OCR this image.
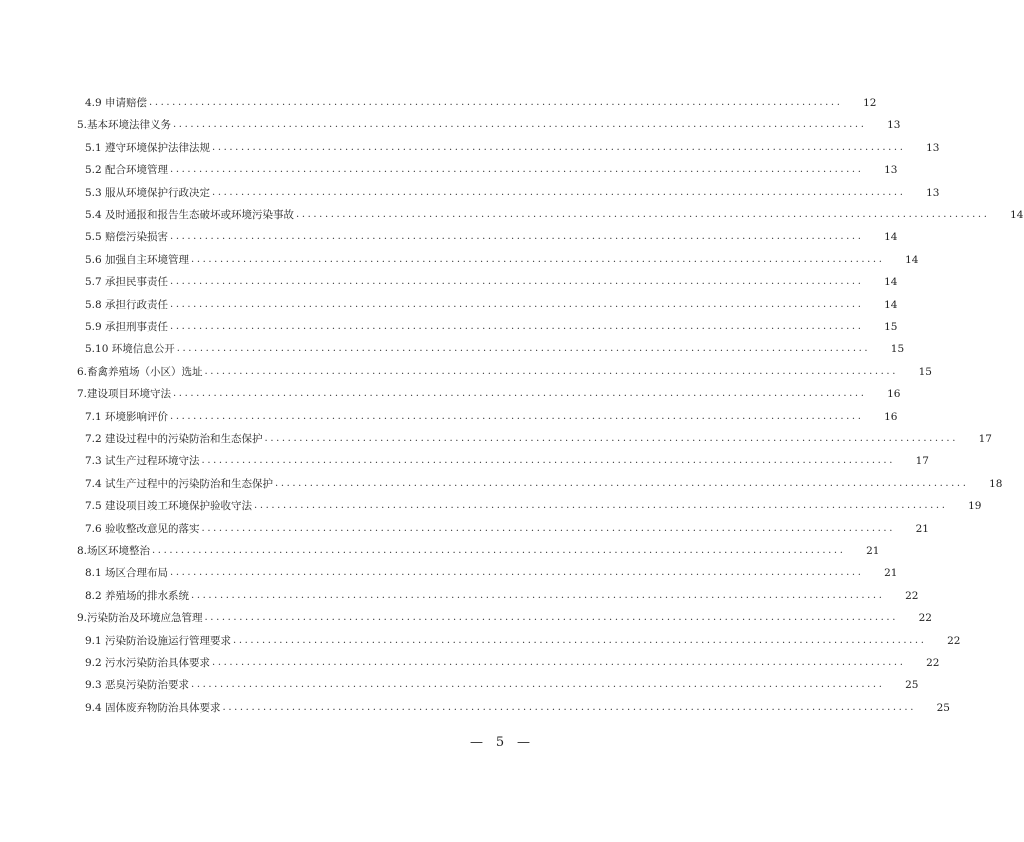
4.9 申请赔偿 ........................................................................................................................	12
5.基本环境法律义务 ........................................................................................................................	13
5.1 遵守环境保护法律法规 ........................................................................................................................	13
5.2 配合环境管理 ........................................................................................................................	13
5.3 服从环境保护行政决定 ........................................................................................................................	13
5.4 及时通报和报告生态破坏或环境污染事故 ........................................................................................................................	14
5.5 赔偿污染损害 ........................................................................................................................	14
5.6 加强自主环境管理 ........................................................................................................................	14
5.7 承担民事责任 ........................................................................................................................	14
5.8 承担行政责任 ........................................................................................................................	14
5.9 承担刑事责任 ........................................................................................................................	15
5.10 环境信息公开 ........................................................................................................................	15
6.畜禽养殖场（小区）选址 ........................................................................................................................	15
7.建设项目环境守法 ........................................................................................................................	16
7.1 环境影响评价 ........................................................................................................................	16
7.2 建设过程中的污染防治和生态保护 ........................................................................................................................	17
7.3 试生产过程环境守法 ........................................................................................................................	17
7.4 试生产过程中的污染防治和生态保护 ........................................................................................................................	18
7.5 建设项目竣工环境保护验收守法 ........................................................................................................................	19
7.6 验收整改意见的落实 ........................................................................................................................	21
8.场区环境整治 ........................................................................................................................	21
8.1 场区合理布局 ........................................................................................................................	21
8.2 养殖场的排水系统 ........................................................................................................................	22
9.污染防治及环境应急管理 ........................................................................................................................	22
9.1 污染防治设施运行管理要求 ........................................................................................................................	22
9.2 污水污染防治具体要求 ........................................................................................................................	22
9.3 恶臭污染防治要求 ........................................................................................................................	25
9.4 固体废弃物防治具体要求 ........................................................................................................................	25
— 5 —
